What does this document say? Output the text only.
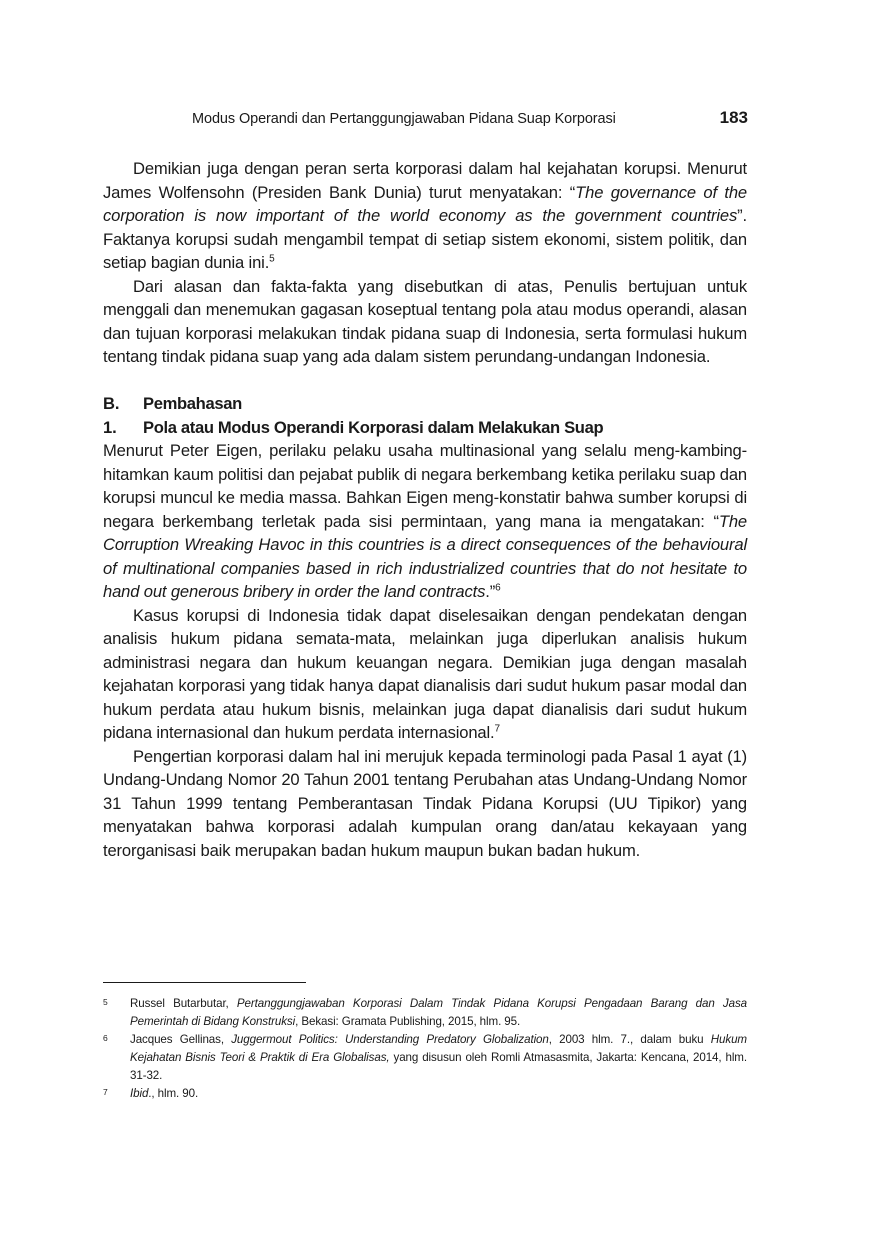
Modus Operandi dan Pertanggungjawaban Pidana Suap Korporasi	183

Demikian juga dengan peran serta korporasi dalam hal kejahatan korupsi. Menurut James Wolfensohn (Presiden Bank Dunia) turut menyatakan: “The governance of the corporation is now important of the world economy as the government countries”. Faktanya korupsi sudah mengambil tempat di setiap sistem ekonomi, sistem politik, dan setiap bagian dunia ini.$^5$

Dari alasan dan fakta-fakta yang disebutkan di atas, Penulis bertujuan untuk menggali dan menemukan gagasan koseptual tentang pola atau modus operandi, alasan dan tujuan korporasi melakukan tindak pidana suap di Indonesia, serta formulasi hukum tentang tindak pidana suap yang ada dalam sistem perundang-undangan Indonesia.

B. Pembahasan
1. Pola atau Modus Operandi Korporasi dalam Melakukan Suap

Menurut Peter Eigen, perilaku pelaku usaha multinasional yang selalu meng-kambing-hitamkan kaum politisi dan pejabat publik di negara berkembang ketika perilaku suap dan korupsi muncul ke media massa. Bahkan Eigen meng-konstatir bahwa sumber korupsi di negara berkembang terletak pada sisi permintaan, yang mana ia mengatakan: “The Corruption Wreaking Havoc in this countries is a direct consequences of the behavioural of multinational companies based in rich industrialized countries that do not hesitate to hand out generous bribery in order the land contracts.”$^6$

Kasus korupsi di Indonesia tidak dapat diselesaikan dengan pendekatan dengan analisis hukum pidana semata-mata, melainkan juga diperlukan analisis hukum administrasi negara dan hukum keuangan negara. Demikian juga dengan masalah kejahatan korporasi yang tidak hanya dapat dianalisis dari sudut hukum pasar modal dan hukum perdata atau hukum bisnis, melainkan juga dapat dianalisis dari sudut hukum pidana internasional dan hukum perdata internasional.$^7$

Pengertian korporasi dalam hal ini merujuk kepada terminologi pada Pasal 1 ayat (1) Undang-Undang Nomor 20 Tahun 2001 tentang Perubahan atas Undang-Undang Nomor 31 Tahun 1999 tentang Pemberantasan Tindak Pidana Korupsi (UU Tipikor) yang menyatakan bahwa korporasi adalah kumpulan orang dan/atau kekayaan yang terorganisasi baik merupakan badan hukum maupun bukan badan hukum.

5 Russel Butarbutar, Pertanggungjawaban Korporasi Dalam Tindak Pidana Korupsi Pengadaan Barang dan Jasa Pemerintah di Bidang Konstruksi, Bekasi: Gramata Publishing, 2015, hlm. 95.
6 Jacques Gellinas, Juggermout Politics: Understanding Predatory Globalization, 2003 hlm. 7., dalam buku Hukum Kejahatan Bisnis Teori & Praktik di Era Globalisas, yang disusun oleh Romli Atmasasmita, Jakarta: Kencana, 2014, hlm. 31-32.
7 Ibid., hlm. 90.
